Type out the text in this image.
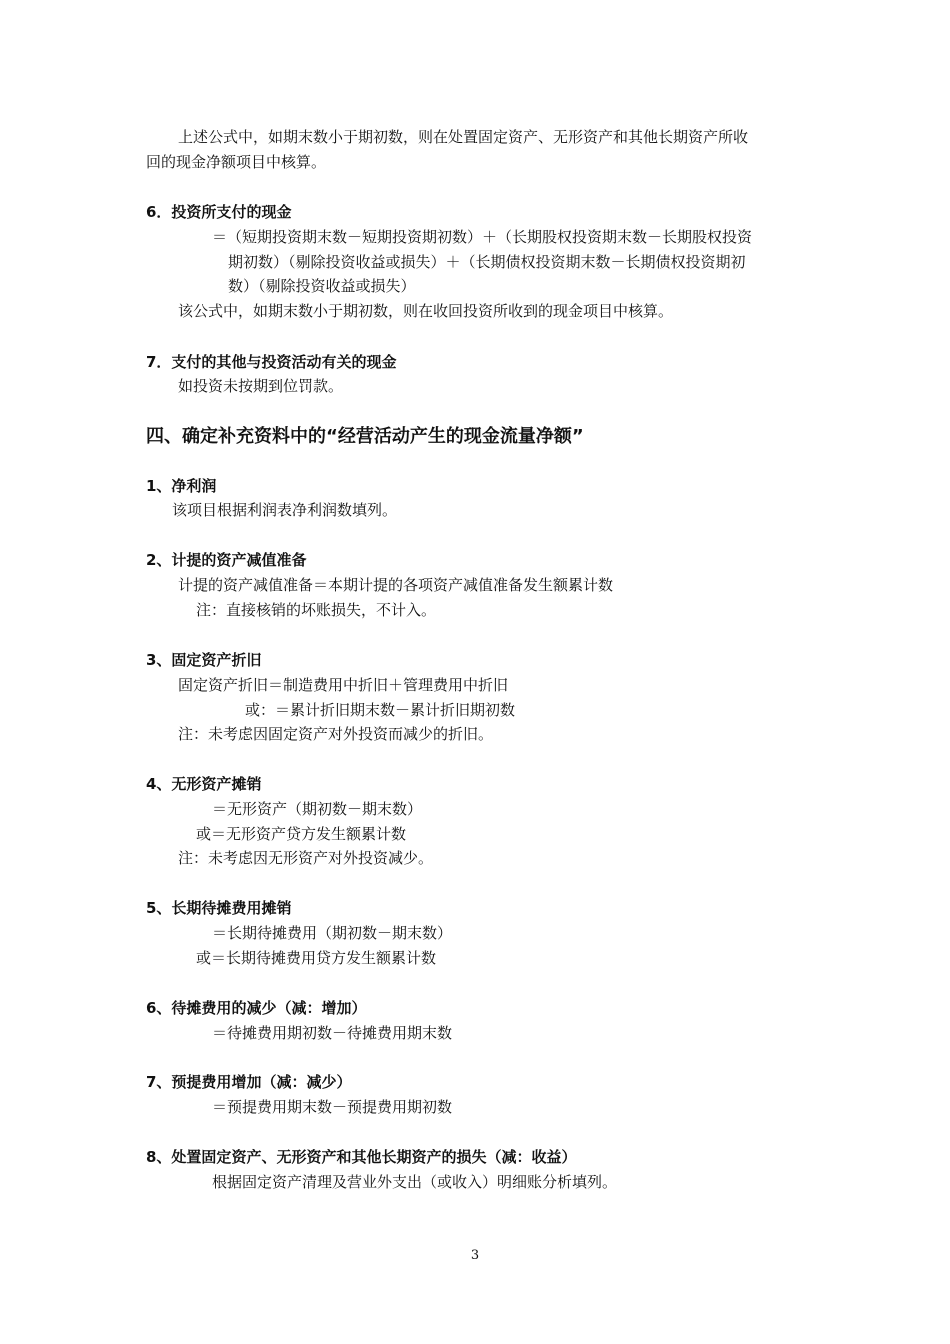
上述公式中，如期末数小于期初数，则在处置固定资产、无形资产和其他长期资产所收
回的现金净额项目中核算。
6．投资所支付的现金
＝（短期投资期末数－短期投资期初数）＋（长期股权投资期末数－长期股权投资
期初数）（剔除投资收益或损失）＋（长期债权投资期末数－长期债权投资期初
数）（剔除投资收益或损失）
该公式中，如期末数小于期初数，则在收回投资所收到的现金项目中核算。
7．支付的其他与投资活动有关的现金
如投资未按期到位罚款。
四、确定补充资料中的“经营活动产生的现金流量净额”
1、净利润
该项目根据利润表净利润数填列。
2、计提的资产减值准备
计提的资产减值准备＝本期计提的各项资产减值准备发生额累计数
注：直接核销的坏账损失，不计入。
3、固定资产折旧
固定资产折旧＝制造费用中折旧＋管理费用中折旧
或：＝累计折旧期末数－累计折旧期初数
注：未考虑因固定资产对外投资而减少的折旧。
4、无形资产摊销
＝无形资产（期初数－期末数）
或＝无形资产贷方发生额累计数
注：未考虑因无形资产对外投资减少。
5、长期待摊费用摊销
＝长期待摊费用（期初数－期末数）
或＝长期待摊费用贷方发生额累计数
6、待摊费用的减少（减：增加）
＝待摊费用期初数－待摊费用期末数
7、预提费用增加（减：减少）
＝预提费用期末数－预提费用期初数
8、处置固定资产、无形资产和其他长期资产的损失（减：收益）
根据固定资产清理及营业外支出（或收入）明细账分析填列。
3
